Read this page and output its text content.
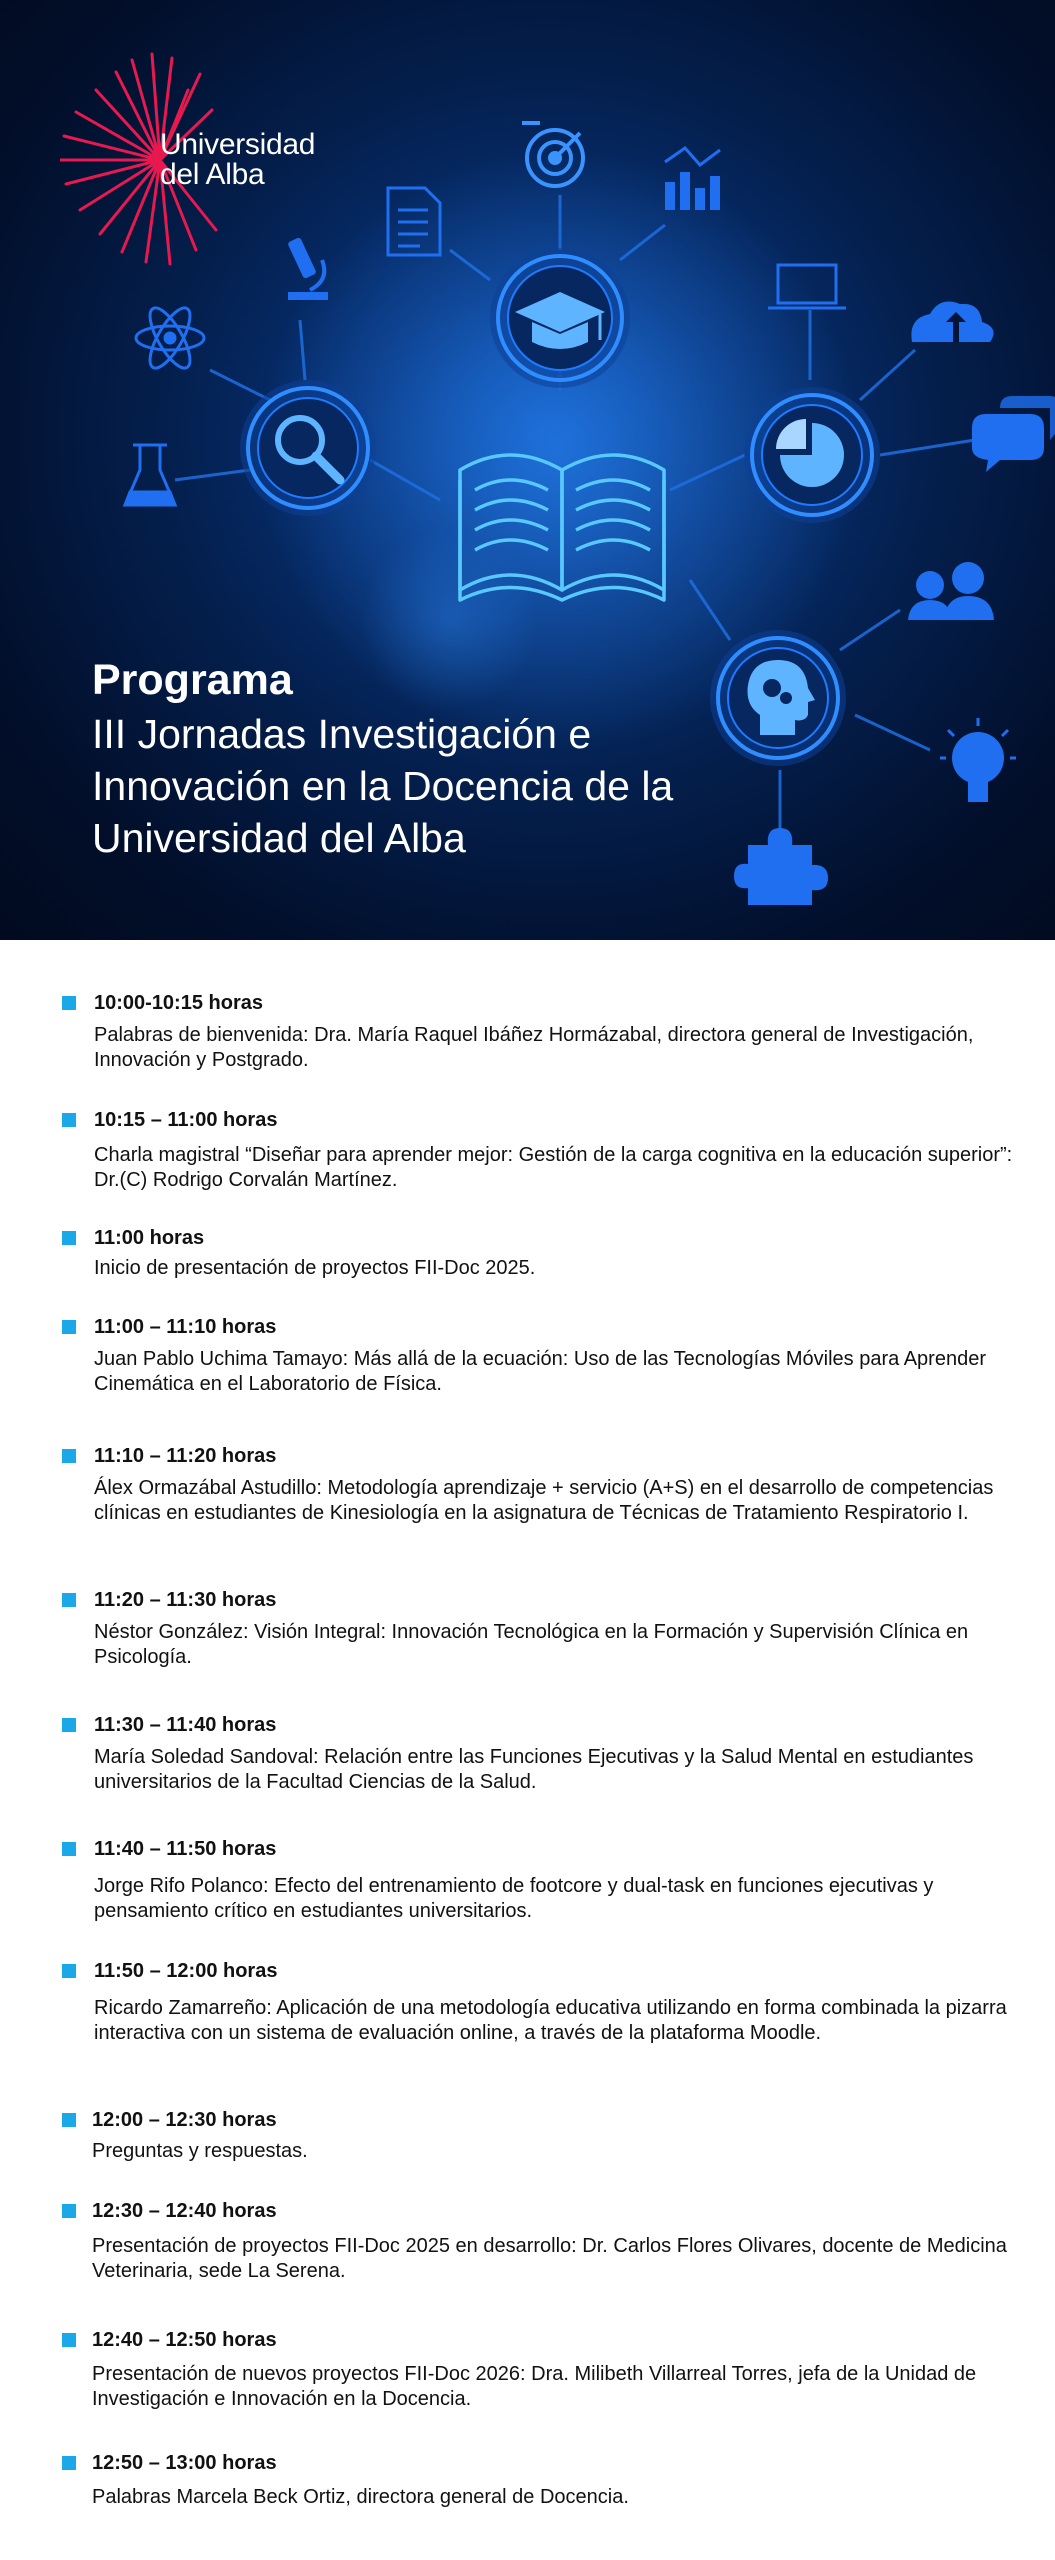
Universidad
del Alba
Programa
III Jornadas Investigación e Innovación en la Docencia de la Universidad del Alba
10:00-10:15 horas
Palabras de bienvenida: Dra. María Raquel Ibáñez Hormázabal, directora general de Investigación, Innovación y Postgrado.
10:15 – 11:00 horas
Charla magistral “Diseñar para aprender mejor: Gestión de la carga cognitiva en la educación superior”: Dr.(C) Rodrigo Corvalán Martínez.
11:00 horas
Inicio de presentación de proyectos FII-Doc 2025.
11:00 – 11:10 horas
Juan Pablo Uchima Tamayo: Más allá de la ecuación: Uso de las Tecnologías Móviles para Aprender Cinemática en el Laboratorio de Física.
11:10 – 11:20 horas
Álex Ormazábal Astudillo: Metodología aprendizaje + servicio (A+S) en el desarrollo de competencias clínicas en estudiantes de Kinesiología en la asignatura de Técnicas de Tratamiento Respiratorio I.
11:20 – 11:30 horas
Néstor González: Visión Integral: Innovación Tecnológica en la Formación y Supervisión Clínica en Psicología.
11:30 – 11:40 horas
María Soledad Sandoval: Relación entre las Funciones Ejecutivas y la Salud Mental en estudiantes universitarios de la Facultad Ciencias de la Salud.
11:40 – 11:50 horas
Jorge Rifo Polanco: Efecto del entrenamiento de footcore y dual-task en funciones ejecutivas y pensamiento crítico en estudiantes universitarios.
11:50 – 12:00 horas
Ricardo Zamarreño: Aplicación de una metodología educativa utilizando en forma combinada la pizarra interactiva con un sistema de evaluación online, a través de la plataforma Moodle.
12:00 – 12:30 horas
Preguntas y respuestas.
12:30 – 12:40 horas
Presentación de proyectos FII-Doc 2025 en desarrollo: Dr. Carlos Flores Olivares, docente de Medicina Veterinaria, sede La Serena.
12:40 – 12:50 horas
Presentación de nuevos proyectos FII-Doc 2026: Dra. Milibeth Villarreal Torres, jefa de la Unidad de Investigación e Innovación en la Docencia.
12:50 – 13:00 horas
Palabras Marcela Beck Ortiz, directora general de Docencia.
